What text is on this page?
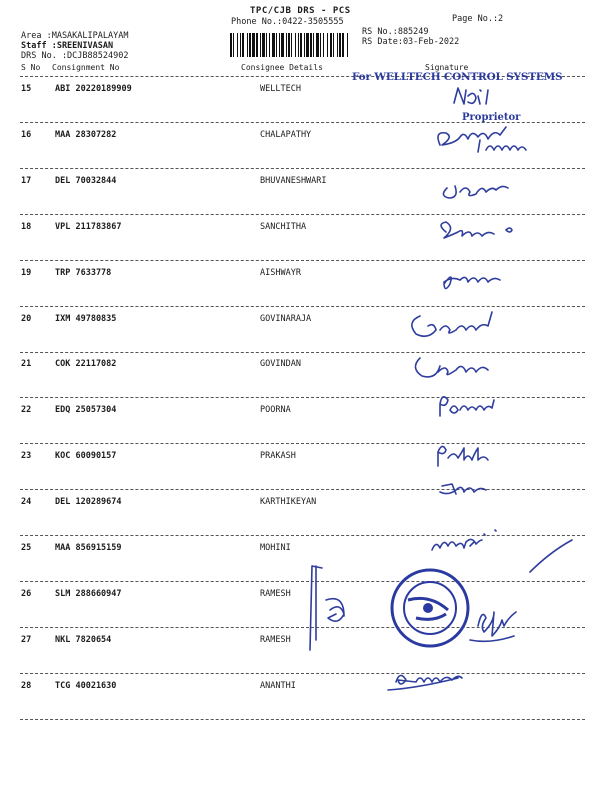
TPC/CJB DRS - PCS
Phone No.:0422-3505555	Page No.:2
RS No.:885249
RS Date:03-Feb-2022
Area :MASAKALIPALAYAM
Staff :SREENIVASAN
DRS No. :DCJB88524902
S No Consignment No	Consignee Details	Signature
For WELLTECH CONTROL SYSTEMS
Proprietor
15	ABI 20220189909	WELLTECH
16	MAA 28307282	CHALAPATHY
17	DEL 70032844	BHUVANESHWARI
18	VPL 211783867	SANCHITHA
19	TRP 7633778	AISHWAYR
20	IXM 49780835	GOVINARAJA
21	COK 22117082	GOVINDAN
22	EDQ 25057304	POORNA
23	KOC 60090157	PRAKASH
24	DEL 120289674	KARTHIKEYAN
25	MAA 856915159	MOHINI
26	SLM 288660947	RAMESH
27	NKL 7820654	RAMESH
28	TCG 40021630	ANANTHI
